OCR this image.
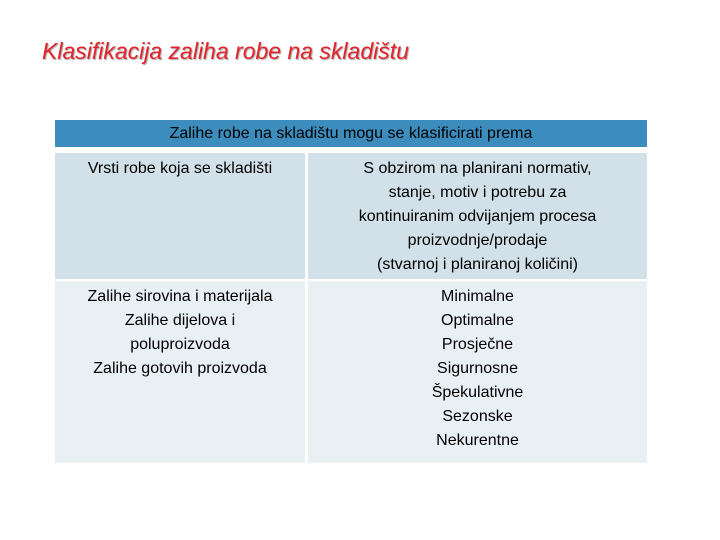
Klasifikacija zaliha robe na skladištu
Zalihe robe na skladištu mogu se klasificirati prema
Vrsti robe koja se skladišti	S obzirom na planirani normativ,
stanje, motiv i potrebu za
kontinuiranim odvijanjem procesa
proizvodnje/prodaje
(stvarnoj i planiranoj količini)
Zalihe sirovina i materijala
Zalihe dijelova i
poluproizvoda
Zalihe gotovih proizvoda
Minimalne
Optimalne
Prosječne
Sigurnosne
Špekulativne
Sezonske
Nekurentne
